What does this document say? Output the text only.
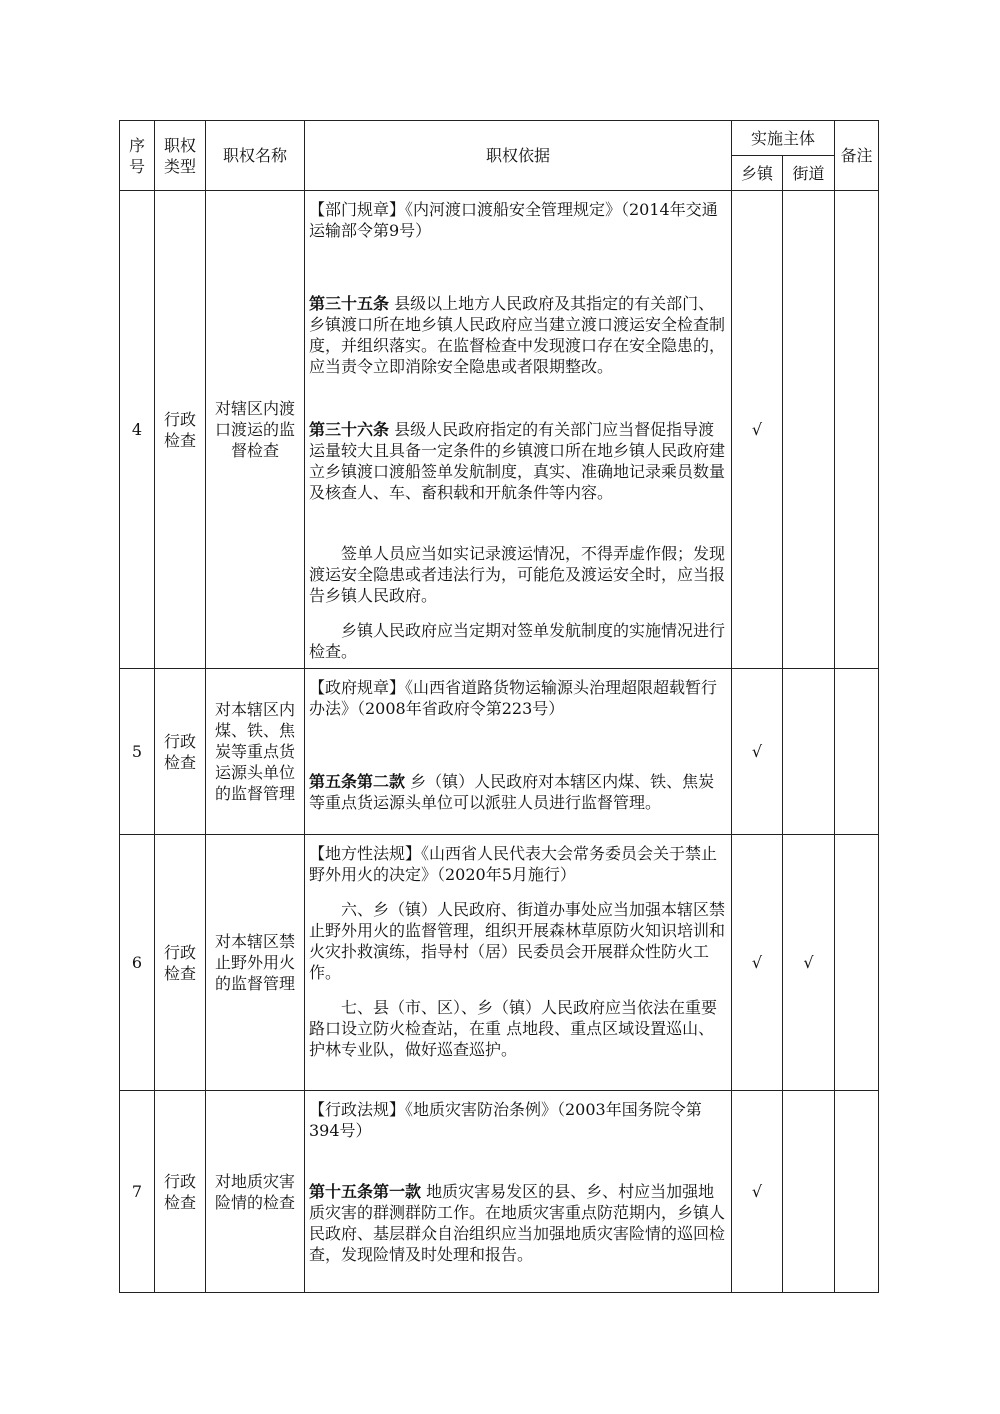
序号	职权类型	职权名称	职权依据	实施主体		备注
				乡镇	街道	
4	行政检查	对辖区内渡口渡运的监督检查	【部门规章】《内河渡口渡船安全管理规定》（2014年交通运输部令第9号）

第三十五条 县级以上地方人民政府及其指定的有关部门、乡镇渡口所在地乡镇人民政府应当建立渡口渡运安全检查制度，并组织落实。在监督检查中发现渡口存在安全隐患的，应当责令立即消除安全隐患或者限期整改。

第三十六条 县级人民政府指定的有关部门应当督促指导渡运量较大且具备一定条件的乡镇渡口所在地乡镇人民政府建立乡镇渡口渡船签单发航制度，真实、准确地记录乘员数量及核查人、车、畜积载和开航条件等内容。

签单人员应当如实记录渡运情况，不得弄虚作假；发现渡运安全隐患或者违法行为，可能危及渡运安全时，应当报告乡镇人民政府。

乡镇人民政府应当定期对签单发航制度的实施情况进行检查。	√		
5	行政检查	对本辖区内煤、铁、焦炭等重点货运源头单位的监督管理	【政府规章】《山西省道路货物运输源头治理超限超载暂行办法》（2008年省政府令第223号）

第五条第二款 乡（镇）人民政府对本辖区内煤、铁、焦炭等重点货运源头单位可以派驻人员进行监督管理。	√		
6	行政检查	对本辖区禁止野外用火的监督管理	【地方性法规】《山西省人民代表大会常务委员会关于禁止野外用火的决定》（2020年5月施行）

六、乡（镇）人民政府、街道办事处应当加强本辖区禁止野外用火的监督管理，组织开展森林草原防火知识培训和火灾扑救演练，指导村（居）民委员会开展群众性防火工作。

七、县（市、区）、乡（镇）人民政府应当依法在重要路口设立防火检查站，在重 点地段、重点区域设置巡山、护林专业队，做好巡查巡护。	√	√	
7	行政检查	对地质灾害险情的检查	【行政法规】《地质灾害防治条例》（2003年国务院令第394号）

第十五条第一款 地质灾害易发区的县、乡、村应当加强地质灾害的群测群防工作。在地质灾害重点防范期内，乡镇人民政府、基层群众自治组织应当加强地质灾害险情的巡回检查，发现险情及时处理和报告。	√		
